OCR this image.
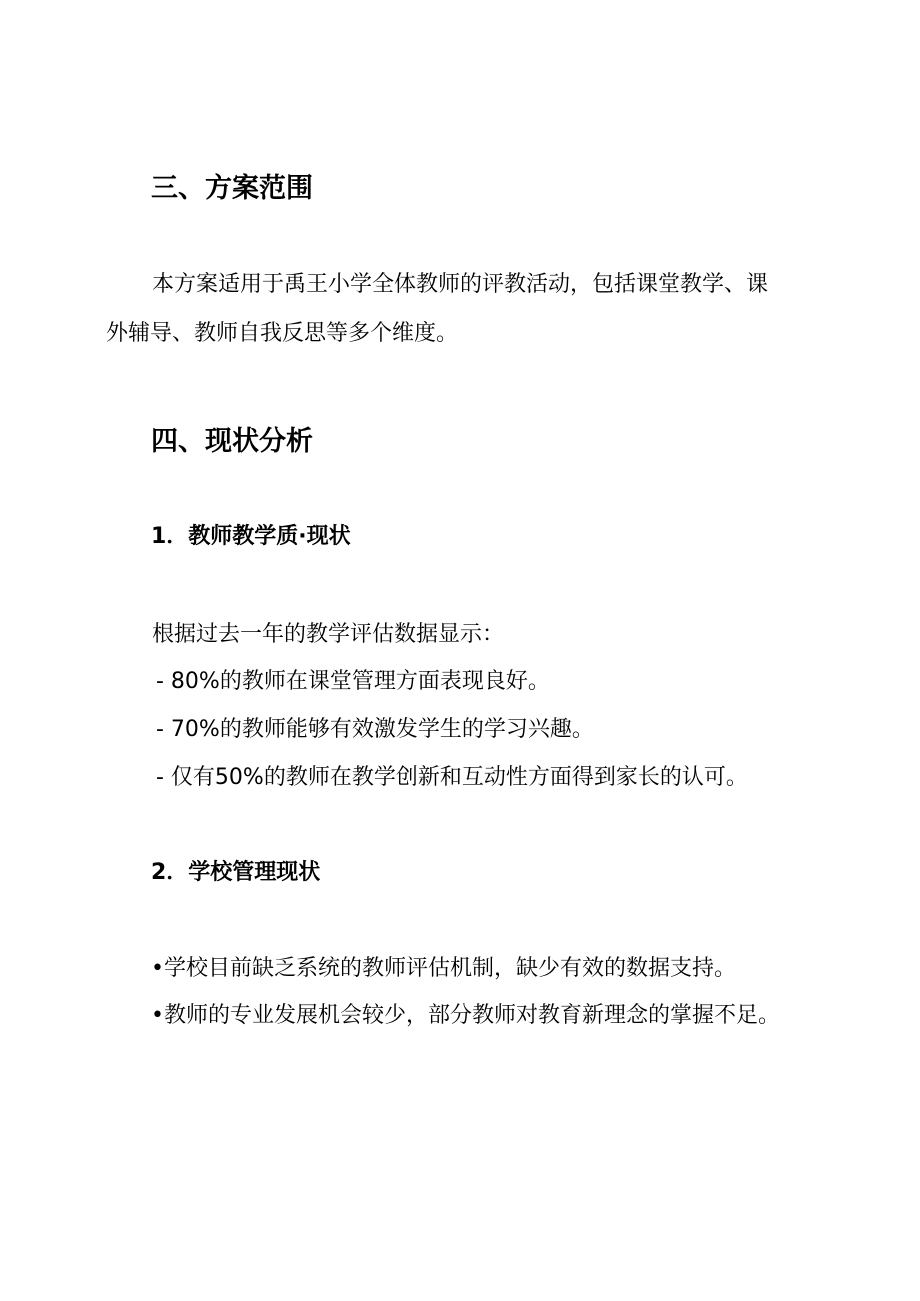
三、方案范围
本方案适用于禹王小学全体教师的评教活动，包括课堂教学、课
外辅导、教师自我反思等多个维度。
四、现状分析
1．教师教学质·现状
根据过去一年的教学评估数据显示：
- 80%的教师在课堂管理方面表现良好。
- 70%的教师能够有效激发学生的学习兴趣。
- 仅有50%的教师在教学创新和互动性方面得到家长的认可。
2．学校管理现状
•学校目前缺乏系统的教师评估机制，缺少有效的数据支持。
•教师的专业发展机会较少，部分教师对教育新理念的掌握不足。
